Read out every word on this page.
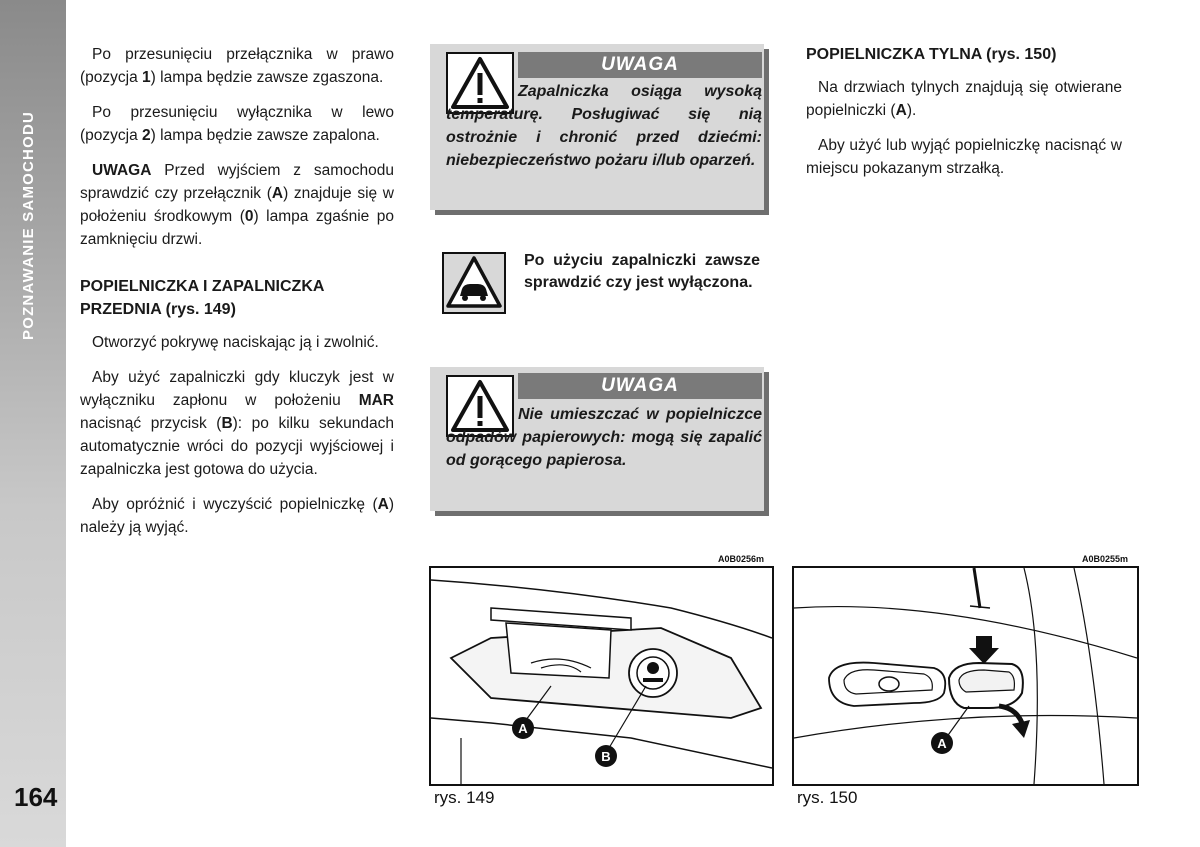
POZNAWANIE SAMOCHODU
164

Po przesunięciu przełącznika w prawo (pozycja 1) lampa będzie zawsze zgaszona.

Po przesunięciu wyłącznika w lewo (pozycja 2) lampa będzie zawsze zapalona.

UWAGA Przed wyjściem z samochodu sprawdzić czy przełącznik (A) znajduje się w położeniu środkowym (0) lampa zgaśnie po zamknięciu drzwi.

POPIELNICZKA I ZAPALNICZKA PRZEDNIA (rys. 149)

Otworzyć pokrywę naciskając ją i zwolnić.

Aby użyć zapalniczki gdy kluczyk jest w wyłączniku zapłonu w położeniu MAR nacisnąć przycisk (B): po kilku sekundach automatycznie wróci do pozycji wyjściowej i zapalniczka jest gotowa do użycia.

Aby opróżnić i wyczyścić popielniczkę (A) należy ją wyjąć.

UWAGA
Zapalniczka osiąga wysoką temperaturę. Posługiwać się nią ostrożnie i chronić przed dziećmi: niebezpieczeństwo pożaru i/lub oparzeń.
Po użyciu zapalniczki zawsze sprawdzić czy jest wyłączona.
UWAGA
Nie umieszczać w popielniczce odpadów papierowych: mogą się zapalić od gorącego papierosa.
POPIELNICZKA TYLNA (rys. 150)

Na drzwiach tylnych znajdują się otwierane popielniczki (A).

Aby użyć lub wyjąć popielniczkę nacisnąć w miejscu pokazanym strzałką.

A0B0256m
A
B
rys. 149
A0B0255m
A
rys. 150
